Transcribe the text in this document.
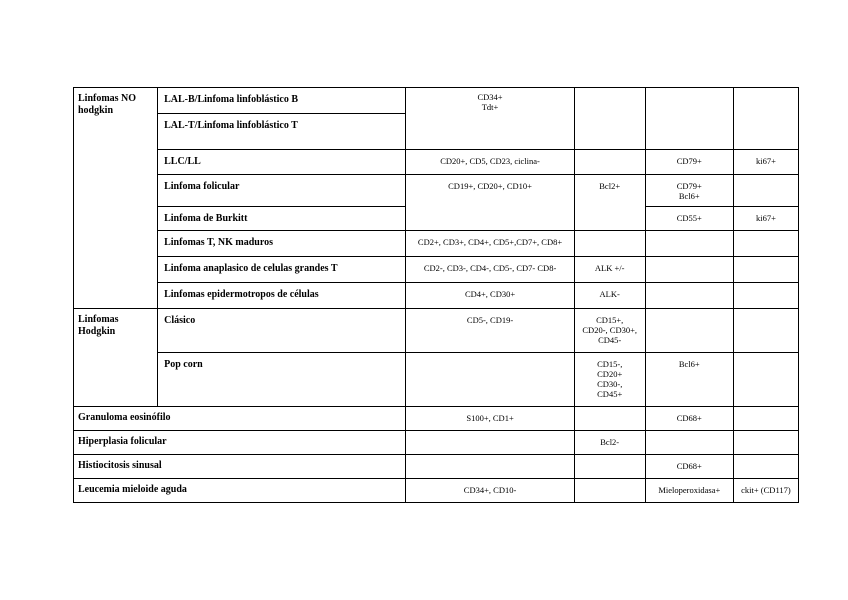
Linfomas NO hodgkin	LAL-B/Linfoma linfoblástico B	CD34+
Tdt+			
	LAL-T/Linfoma linfoblástico T				
	LLC/LL	CD20+, CD5, CD23, ciclina-		CD79+	ki67+
	Linfoma folicular	CD19+, CD20+, CD10+	Bcl2+	CD79+
Bcl6+	
	Linfoma de Burkitt			CD55+	ki67+
	Linfomas T, NK maduros	CD2+, CD3+, CD4+, CD5+,CD7+, CD8+			
	Linfoma anaplasico de celulas grandes T	CD2-, CD3-, CD4-, CD5-, CD7- CD8-	ALK +/-		
	Linfomas epidermotropos de células	CD4+, CD30+	ALK-		
Linfomas Hodgkin	Clásico	CD5-, CD19-	CD15+,
CD20-, CD30+,
CD45-		
	Pop corn		CD15-,
CD20+
CD30-,
CD45+	Bcl6+	
Granuloma eosinófilo		S100+, CD1+		CD68+	
Hiperplasia folicular			Bcl2-		
Histiocitosis sinusal				CD68+	
Leucemia mieloide aguda		CD34+, CD10-		Mieloperoxidasa+	ckit+ (CD117)
